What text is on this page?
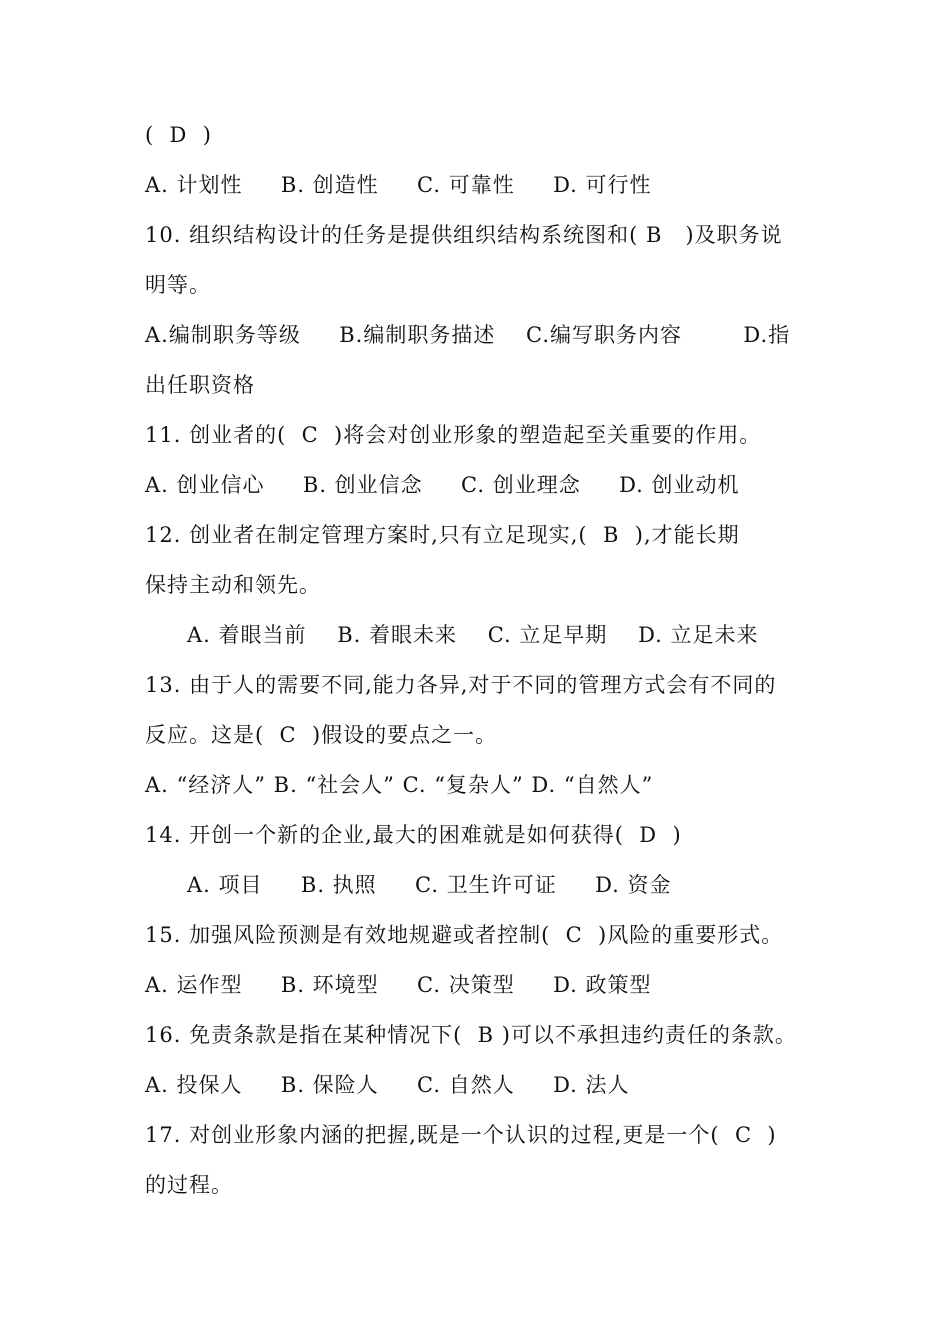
(  D  )
A. 计划性     B. 创造性     C. 可靠性     D. 可行性
10. 组织结构设计的任务是提供组织结构系统图和( B   )及职务说
明等。
A.编制职务等级     B.编制职务描述    C.编写职务内容        D.指
出任职资格
11. 创业者的(  C  )将会对创业形象的塑造起至关重要的作用。
A. 创业信心     B. 创业信念     C. 创业理念     D. 创业动机
12. 创业者在制定管理方案时,只有立足现实,(  B  ),才能长期
保持主动和领先。
A. 着眼当前    B. 着眼未来    C. 立足早期    D. 立足未来
13. 由于人的需要不同,能力各异,对于不同的管理方式会有不同的
反应。这是(  C  )假设的要点之一。
A. “经济人” B. “社会人” C. “复杂人” D. “自然人”
14. 开创一个新的企业,最大的困难就是如何获得(  D  )
A. 项目     B. 执照     C. 卫生许可证     D. 资金
15. 加强风险预测是有效地规避或者控制(  C  )风险的重要形式。
A. 运作型     B. 环境型     C. 决策型     D. 政策型
16. 免责条款是指在某种情况下(  B )可以不承担违约责任的条款。
A. 投保人     B. 保险人     C. 自然人     D. 法人
17. 对创业形象内涵的把握,既是一个认识的过程,更是一个(  C  )
的过程。
